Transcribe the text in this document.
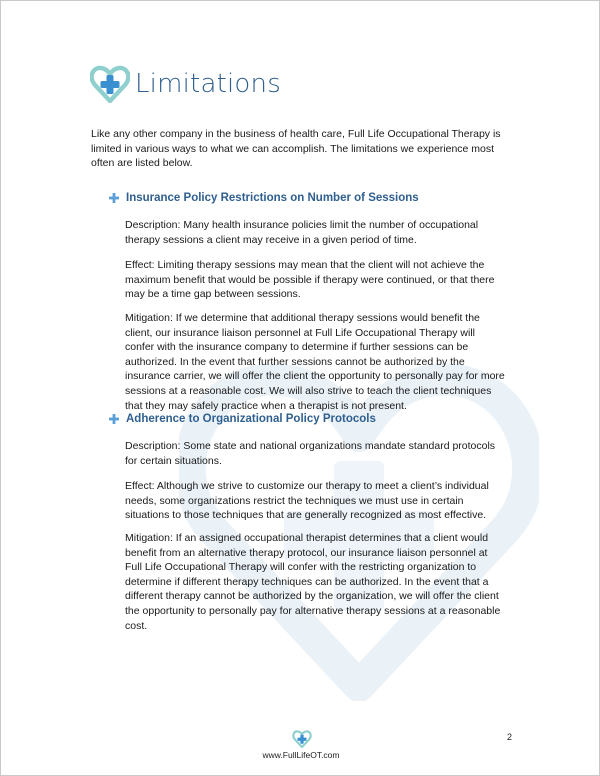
Limitations

Like any other company in the business of health care, Full Life Occupational Therapy is limited in various ways to what we can accomplish. The limitations we experience most often are listed below.

Insurance Policy Restrictions on Number of Sessions

Description: Many health insurance policies limit the number of occupational therapy sessions a client may receive in a given period of time.

Effect: Limiting therapy sessions may mean that the client will not achieve the maximum benefit that would be possible if therapy were continued, or that there may be a time gap between sessions.

Mitigation: If we determine that additional therapy sessions would benefit the client, our insurance liaison personnel at Full Life Occupational Therapy will confer with the insurance company to determine if further sessions can be authorized. In the event that further sessions cannot be authorized by the insurance carrier, we will offer the client the opportunity to personally pay for more sessions at a reasonable cost. We will also strive to teach the client techniques that they may safely practice when a therapist is not present.

Adherence to Organizational Policy Protocols

Description: Some state and national organizations mandate standard protocols for certain situations.

Effect: Although we strive to customize our therapy to meet a client’s individual needs, some organizations restrict the techniques we must use in certain situations to those techniques that are generally recognized as most effective.

Mitigation: If an assigned occupational therapist determines that a client would benefit from an alternative therapy protocol, our insurance liaison personnel at Full Life Occupational Therapy will confer with the restricting organization to determine if different therapy techniques can be authorized. In the event that a different therapy cannot be authorized by the organization, we will offer the client the opportunity to personally pay for alternative therapy sessions at a reasonable cost.

www.FullLifeOT.com
2
